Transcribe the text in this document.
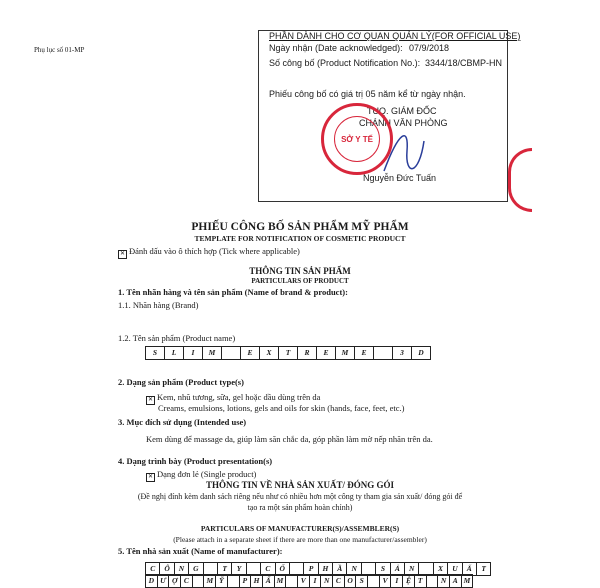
Phụ lục số 01-MP
PHẦN DÀNH CHO CƠ QUAN QUẢN LÝ(FOR OFFICIAL USE)
Ngày nhận (Date acknowledged): 07/9/2018
Số công bố (Product Notification No.): 3344/18/CBMP-HN
Phiếu công bố có giá trị 05 năm kể từ ngày nhận.
TUQ. GIÁM ĐỐC
CHÁNH VĂN PHÒNG
SỞ Y TẾ
Nguyễn Đức Tuấn
PHIẾU CÔNG BỐ SẢN PHẨM MỸ PHẨM
TEMPLATE FOR NOTIFICATION OF COSMETIC PRODUCT
✕ Đánh dấu vào ô thích hợp (Tick where applicable)
THÔNG TIN SẢN PHẨM
PARTICULARS OF PRODUCT
1. Tên nhãn hàng và tên sản phẩm (Name of brand & product):
1.1. Nhãn hàng (Brand)
1.2. Tên sản phẩm (Product name)
S	L	I	M	E	X	T	R	E	M	E	3	D
2. Dạng sản phẩm (Product type(s)
✕ Kem, nhũ tương, sữa, gel hoặc dầu dùng trên da
Creams, emulsions, lotions, gels and oils for skin (hands, face, feet, etc.)
3. Mục đích sử dụng (Intended use)
Kem dùng để massage da, giúp làm săn chắc da, góp phần làm mờ nếp nhăn trên da.
4. Dạng trình bày (Product presentation(s)
✕ Dạng đơn lẻ (Single product)
THÔNG TIN VỀ NHÀ SẢN XUẤT/ ĐÓNG GÓI
(Đề nghị đính kèm danh sách riêng nếu như có nhiều hơn một công ty tham gia sản xuất/ đóng gói để
tạo ra một sản phẩm hoàn chỉnh)
PARTICULARS OF MANUFACTURER(S)/ASSEMBLER(S)
(Please attach in a separate sheet if there are more than one manufacturer/assembler)
5. Tên nhà sản xuất (Name of manufacturer):
C	Ô	N	G	T	Y	C	Ổ	P	H	Ầ	N	S	Ả	N	X	U	Ấ	T
D Ư Ợ C	M Ỹ	P H Ẩ M	V	I	N C O S	V	I	Ệ T	N A M
